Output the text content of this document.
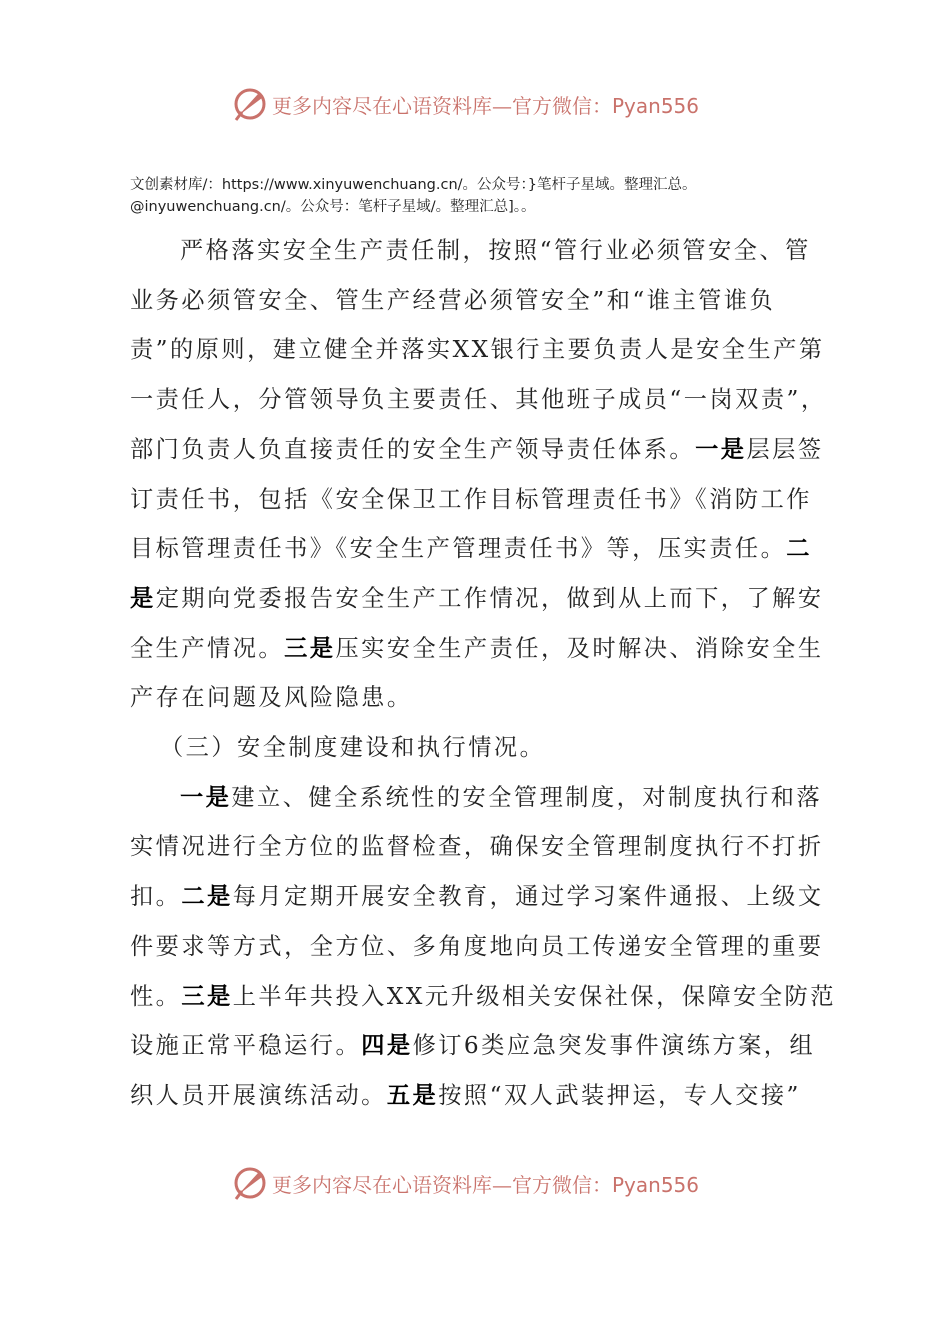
更多内容尽在心语资料库—官方微信：Pyan556
文创素材库/：https://www.xinyuwenchuang.cn/。公众号：}笔杆子星域。整理汇总。
@inyuwenchuang.cn/。公众号：笔杆子星域/。整理汇总]。。

严格落实安全生产责任制，按照“管行业必须管安全、管
业务必须管安全、管生产经营必须管安全”和“谁主管谁负
责”的原则，建立健全并落实XX银行主要负责人是安全生产第
一责任人，分管领导负主要责任、其他班子成员“一岗双责”，
部门负责人负直接责任的安全生产领导责任体系。一是层层签
订责任书，包括《安全保卫工作目标管理责任书》《消防工作
目标管理责任书》《安全生产管理责任书》等，压实责任。二
是定期向党委报告安全生产工作情况，做到从上而下，了解安
全生产情况。三是压实安全生产责任，及时解决、消除安全生
产存在问题及风险隐患。

（三）安全制度建设和执行情况。

一是建立、健全系统性的安全管理制度，对制度执行和落
实情况进行全方位的监督检查，确保安全管理制度执行不打折
扣。二是每月定期开展安全教育，通过学习案件通报、上级文
件要求等方式，全方位、多角度地向员工传递安全管理的重要
性。三是上半年共投入XX元升级相关安保社保，保障安全防范
设施正常平稳运行。四是修订6类应急突发事件演练方案，组
织人员开展演练活动。五是按照“双人武装押运，专人交接”

更多内容尽在心语资料库—官方微信：Pyan556
